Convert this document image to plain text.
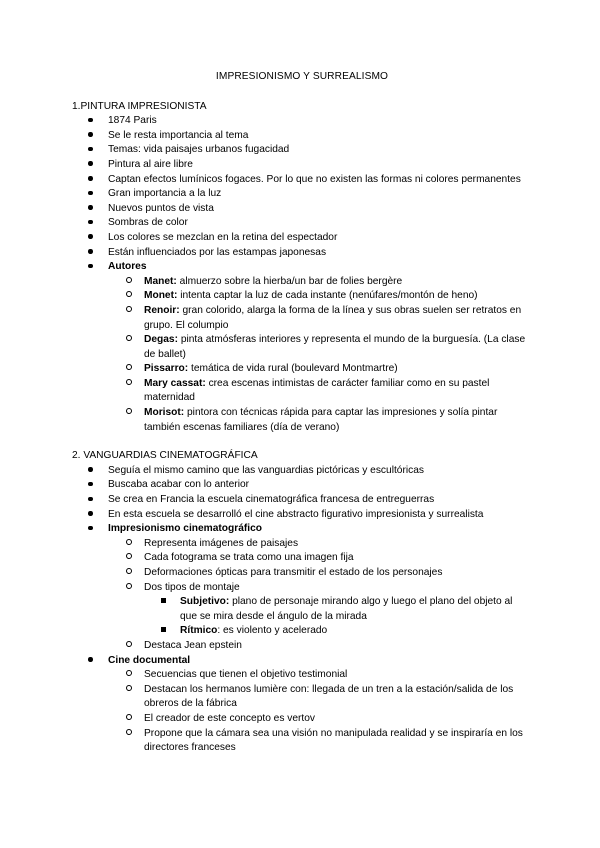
IMPRESIONISMO Y SURREALISMO
1.PINTURA IMPRESIONISTA
1874 Paris
Se le resta importancia al tema
Temas: vida paisajes urbanos fugacidad
Pintura al aire libre
Captan efectos lumínicos fogaces. Por lo que no existen las formas ni colores permanentes
Gran importancia a la luz
Nuevos puntos de vista
Sombras de color
Los colores se mezclan en la retina del espectador
Están influenciados por las estampas japonesas
Autores
Manet: almuerzo sobre la hierba/un bar de folies bergère
Monet: intenta captar la luz de cada instante (nenúfares/montón de heno)
Renoir: gran colorido, alarga la forma de la línea y sus obras suelen ser retratos en grupo. El columpio
Degas: pinta atmósferas interiores y representa el mundo de la burguesía. (La clase de ballet)
Pissarro: temática de vida rural (boulevard Montmartre)
Mary cassat: crea escenas intimistas de carácter familiar como en su pastel maternidad
Morisot: pintora con técnicas rápida para captar las impresiones y solía pintar también escenas familiares (día de verano)
2. VANGUARDIAS CINEMATOGRÁFICA
Seguía el mismo camino que las vanguardias pictóricas y escultóricas
Buscaba acabar con lo anterior
Se crea en Francia la escuela cinematográfica francesa de entreguerras
En esta escuela se desarrolló el cine abstracto figurativo impresionista y surrealista
Impresionismo cinematográfico
Representa imágenes de paisajes
Cada fotograma se trata como una imagen fija
Deformaciones ópticas para transmitir el estado de los personajes
Dos tipos de montaje
Subjetivo: plano de personaje mirando algo y luego el plano del objeto al que se mira desde el ángulo de la mirada
Rítmico: es violento y acelerado
Destaca Jean epstein
Cine documental
Secuencias que tienen el objetivo testimonial
Destacan los hermanos lumière con: llegada de un tren a la estación/salida de los obreros de la fábrica
El creador de este concepto es vertov
Propone que la cámara sea una visión no manipulada realidad y se inspiraría en los directores franceses
